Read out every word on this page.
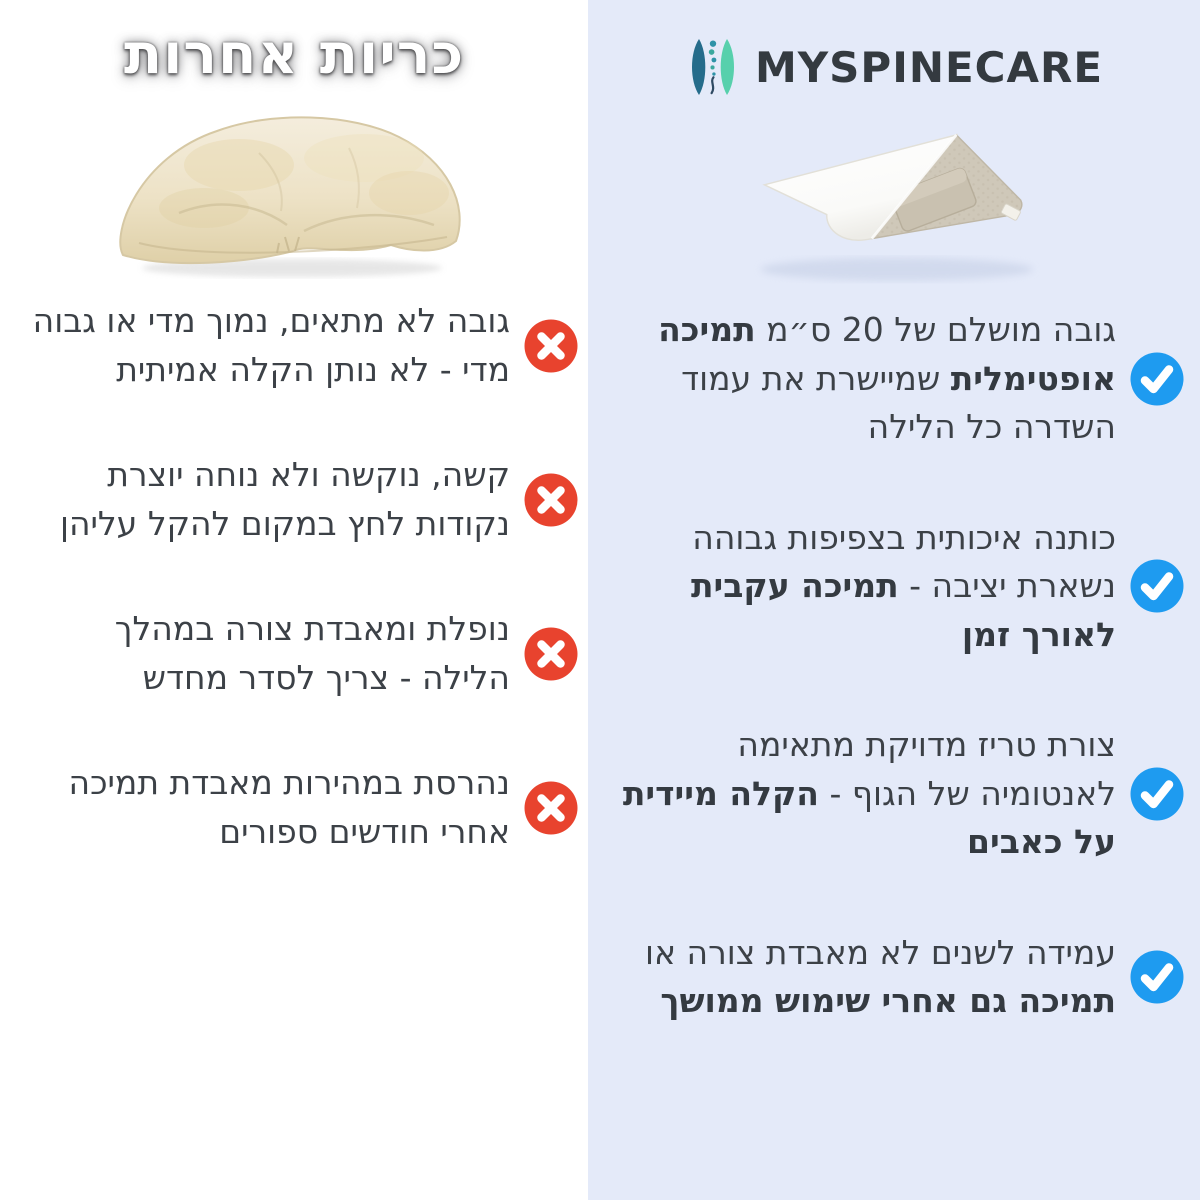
כריות אחרות

גובה לא מתאים, נמוך מדי או גבוה מדי - לא נותן הקלה אמיתית

קשה, נוקשה ולא נוחה יוצרת נקודות לחץ במקום להקל עליהן

נופלת ומאבדת צורה במהלך הלילה - צריך לסדר מחדש

נהרסת במהירות מאבדת תמיכה אחרי חודשים ספורים

MYSPINECARE

גובה מושלם של 20 ס״מ תמיכה אופטימלית שמיישרת את עמוד השדרה כל הלילה

כותנה איכותית בצפיפות גבוהה נשארת יציבה - תמיכה עקבית לאורך זמן

צורת טריז מדויקת מתאימה לאנטומיה של הגוף - הקלה מיידית על כאבים

עמידה לשנים לא מאבדת צורה או תמיכה גם אחרי שימוש ממושך
